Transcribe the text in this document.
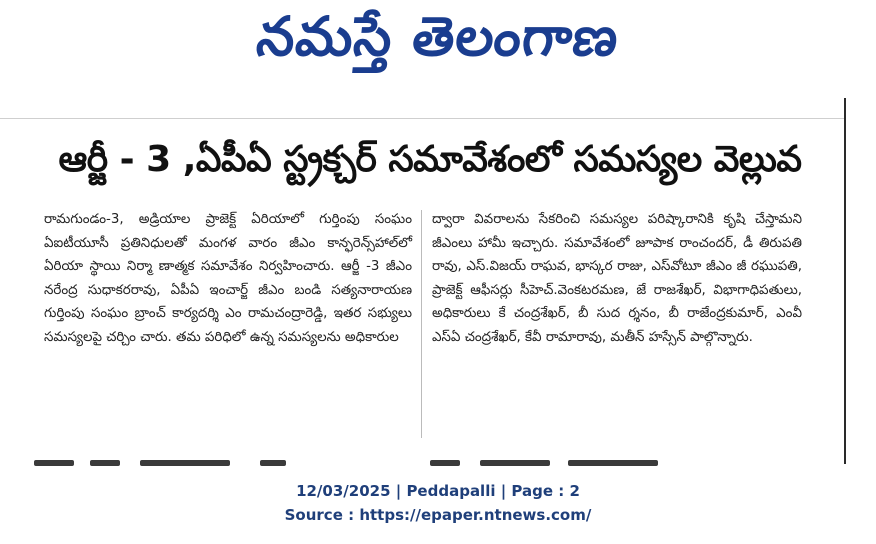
నమస్తే తెలంగాణ
ఆర్జీ - 3 ,ఏపీఏ స్ట్రక్చర్ సమావేశంలో సమస్యల వెల్లువ
రామగుండం-3, అడ్రియాల ప్రాజెక్ట్ ఏరియాలో గుర్తింపు సంఘం ఏఐటీయూసీ ప్రతినిధులతో మంగళ వారం జీఎం కాన్ఫరెన్స్‌హాల్‌లో ఏరియా స్థాయి నిర్మా ణాత్మక సమావేశం నిర్వహించారు. ఆర్జీ -3 జీఎం నరేంద్ర సుధాకరరావు, ఏపీఏ ఇంచార్జ్ జీఎం బండి సత్యనారాయణ గుర్తింపు సంఘం బ్రాంచ్ కార్యదర్శి ఎం రామచంద్రారెడ్డి, ఇతర సభ్యులు సమస్యలపై చర్చిం చారు. తమ పరిధిలో ఉన్న సమస్యలను అధికారుల
ద్వారా వివరాలను సేకరించి సమస్యల పరిష్కారానికి కృషి చేస్తామని జీఎంలు హామీ ఇచ్చారు. సమావేశంలో జూపాక రాంచందర్, డీ తిరుపతి రావు, ఎస్.విజయ్ రాఘవ, భాస్కర రాజు, ఎస్‌వోటూ జీఎం జీ రఘుపతి, ప్రాజెక్ట్ ఆఫీసర్లు సీహెచ్.వెంకటరమణ, జే రాజశేఖర్, విభాగాధిపతులు, అధికారులు కే చంద్రశేఖర్, బీ సుద ర్శనం, బీ రాజేంద్రకుమార్, ఎంవీ ఎస్ఏ చంద్రశేఖర్, కేవీ రామారావు, మతీన్ హస్సేన్ పాల్గొన్నారు.
12/03/2025 | Peddapalli | Page : 2
Source : https://epaper.ntnews.com/
